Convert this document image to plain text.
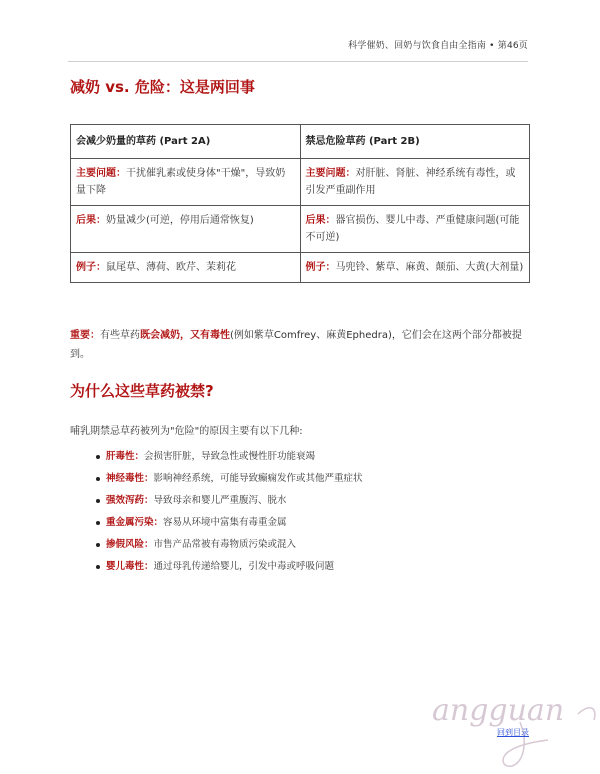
科学催奶、回奶与饮食自由全指南 • 第46页
减奶 vs. 危险：这是两回事
会减少奶量的草药 (Part 2A)	禁忌危险草药 (Part 2B)
主要问题：干扰催乳素或使身体"干燥"，导致奶量下降	主要问题：对肝脏、肾脏、神经系统有毒性，或引发严重副作用
后果：奶量减少(可逆，停用后通常恢复)	后果：器官损伤、婴儿中毒、严重健康问题(可能不可逆)
例子：鼠尾草、薄荷、欧芹、茉莉花	例子：马兜铃、紫草、麻黄、颠茄、大黄(大剂量)
重要：有些草药既会减奶，又有毒性(例如紫草Comfrey、麻黄Ephedra)，它们会在这两个部分都被提到。
为什么这些草药被禁?
哺乳期禁忌草药被列为"危险"的原因主要有以下几种:
肝毒性：会损害肝脏，导致急性或慢性肝功能衰竭
神经毒性：影响神经系统，可能导致癫痫发作或其他严重症状
强效泻药：导致母亲和婴儿严重腹泻、脱水
重金属污染：容易从环境中富集有毒重金属
掺假风险：市售产品常被有毒物质污染或混入
婴儿毒性：通过母乳传递给婴儿，引发中毒或呼吸问题
angguan
回到目录
